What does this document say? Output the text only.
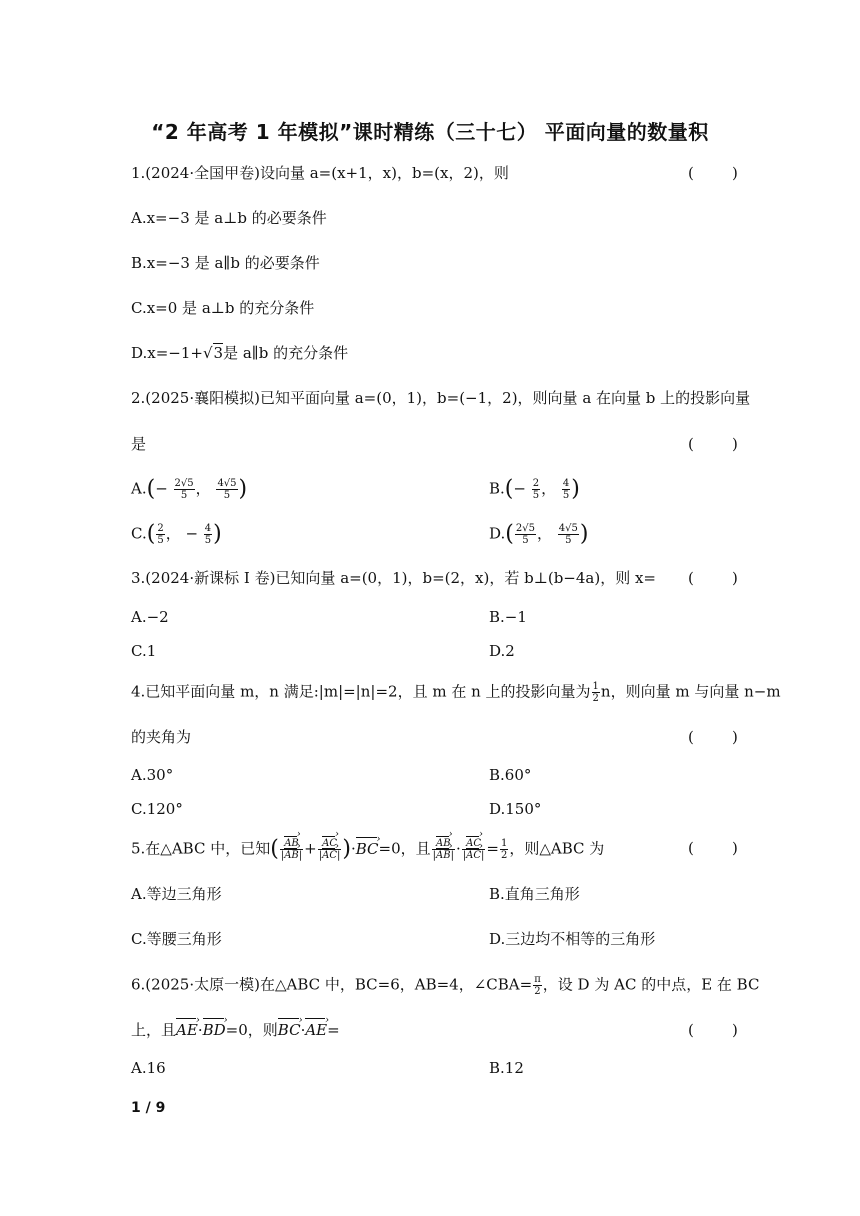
“2 年高考 1 年模拟”课时精练（三十七） 平面向量的数量积
1.(2024·全国甲卷)设向量 a=(x+1，x)，b=(x，2)，则	(        )
A.x=−3 是 a⊥b 的必要条件
B.x=−3 是 a∥b 的必要条件
C.x=0 是 a⊥b 的充分条件
D.x=−1+√3是 a∥b 的充分条件
2.(2025·襄阳模拟)已知平面向量 a=(0，1)，b=(−1，2)，则向量 a 在向量 b 上的投影向量
是	(        )
$A.(- \frac{2√5}{5}$ ， $\frac{4√5}{5}$ )	$B.(- \frac{2}{5}$ ， $\frac{4}{5}$ )
$C.( \frac{2}{5}$ ， − $\frac{4}{5}$ )	$D.( \frac{2√5}{5}$ ， $\frac{4√5}{5}$ )
3.(2024·新课标 I 卷)已知向量 a=(0，1)，b=(2，x)，若 b⊥(b−4a)，则 x= (        )
A.−2	B.−1
C.1	D.2
4.已知平面向量 m，n 满足:|m|=|n|=2，且 m 在 n 上的投影向量为 $\frac{1}{2}$ n，则向量 m 与向量 n−m
的夹角为	(        )
A.30°	B.60°
C.120°	D.150°
5.在△ABC 中，已知( $\frac{AB ›}{|AB ›|} + \frac{AC ›}{|AC ›|} )\cdot BC$ ›=0，且 $\frac{AB ›}{|AB ›|} \cdot \frac{AC ›}{|AC ›|} = \frac{1}{2}$ ，则△ABC 为	(        )
A.等边三角形	B.直角三角形
C.等腰三角形	D.三边均不相等的三角形
6.(2025·太原一模)在△ABC 中，BC=6，AB=4，∠CBA= $\frac{\pi}{2}$ ，设 D 为 AC 的中点，E 在 BC
上，且AE ›·BD ›=0，则BC ›·AE ›=	(        )
A.16	B.12
1 / 9
